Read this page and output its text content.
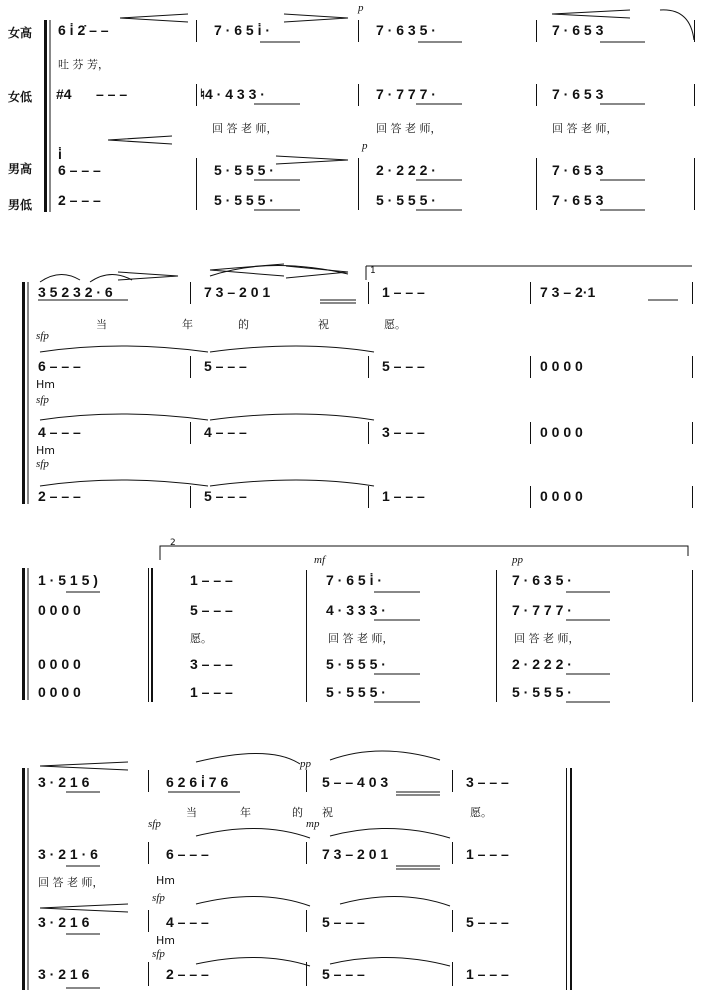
女高
女低
男高
男低
p
p
6 i̇ 2̇ – –	7 · 6 5 i̇ ·	7 · 6 3 5 ·	7 · 6 5 3
吐 芬 芳，
#4 – – –	♮4 · 4 3 3 ·	7 · 7 7 7 ·	7 · 6 5 3
回 答 老 师，	回 答 老 师，	回 答 老 师，
i̇
6 – – –	5 · 5 5 5 ·	2 · 2 2 2 ·	7 · 6 5 3
2 – – –	5 · 5 5 5 ·	5 · 5 5 5 ·	7 · 6 5 3
1
3 5 2 3 2 · 6	7 3 – 2 0 1	1 – – –	7 3 – 2·1
当	年	的	祝	愿。
sfp
6 – – –	5 – – –	5 – – –	0 0 0 0
Hm
sfp
4 – – –	4 – – –	3 – – –	0 0 0 0
Hm
sfp
2 – – –	5 – – –	1 – – –	0 0 0 0
2
mf	pp
1 · 5 1 5 )	1 – – –	7 · 6 5 i̇ ·	7 · 6 3 5 ·
0 0 0 0	5 – – –	4 · 3 3 3 ·	7 · 7 7 7 ·
愿。	回 答 老 师，	回 答 老 师，
0 0 0 0	3 – – –	5 · 5 5 5 ·	2 · 2 2 2 ·
0 0 0 0	1 – – –	5 · 5 5 5 ·	5 · 5 5 5 ·
pp
3 · 2 1 6	6 2 6 i̇ 7 6	5 – – 4 0 3	3 – – –
当	年	的 祝	愿。
sfp	mp
3 · 2 1 · 6	6 – – –	7 3 – 2 0 1	1 – – –
回 答 老 师，	Hm
sfp
3 · 2 1 6	4 – – –	5 – – –	5 – – –
Hm
sfp
3 · 2 1 6	2 – – –	5 – – –	1 – – –
